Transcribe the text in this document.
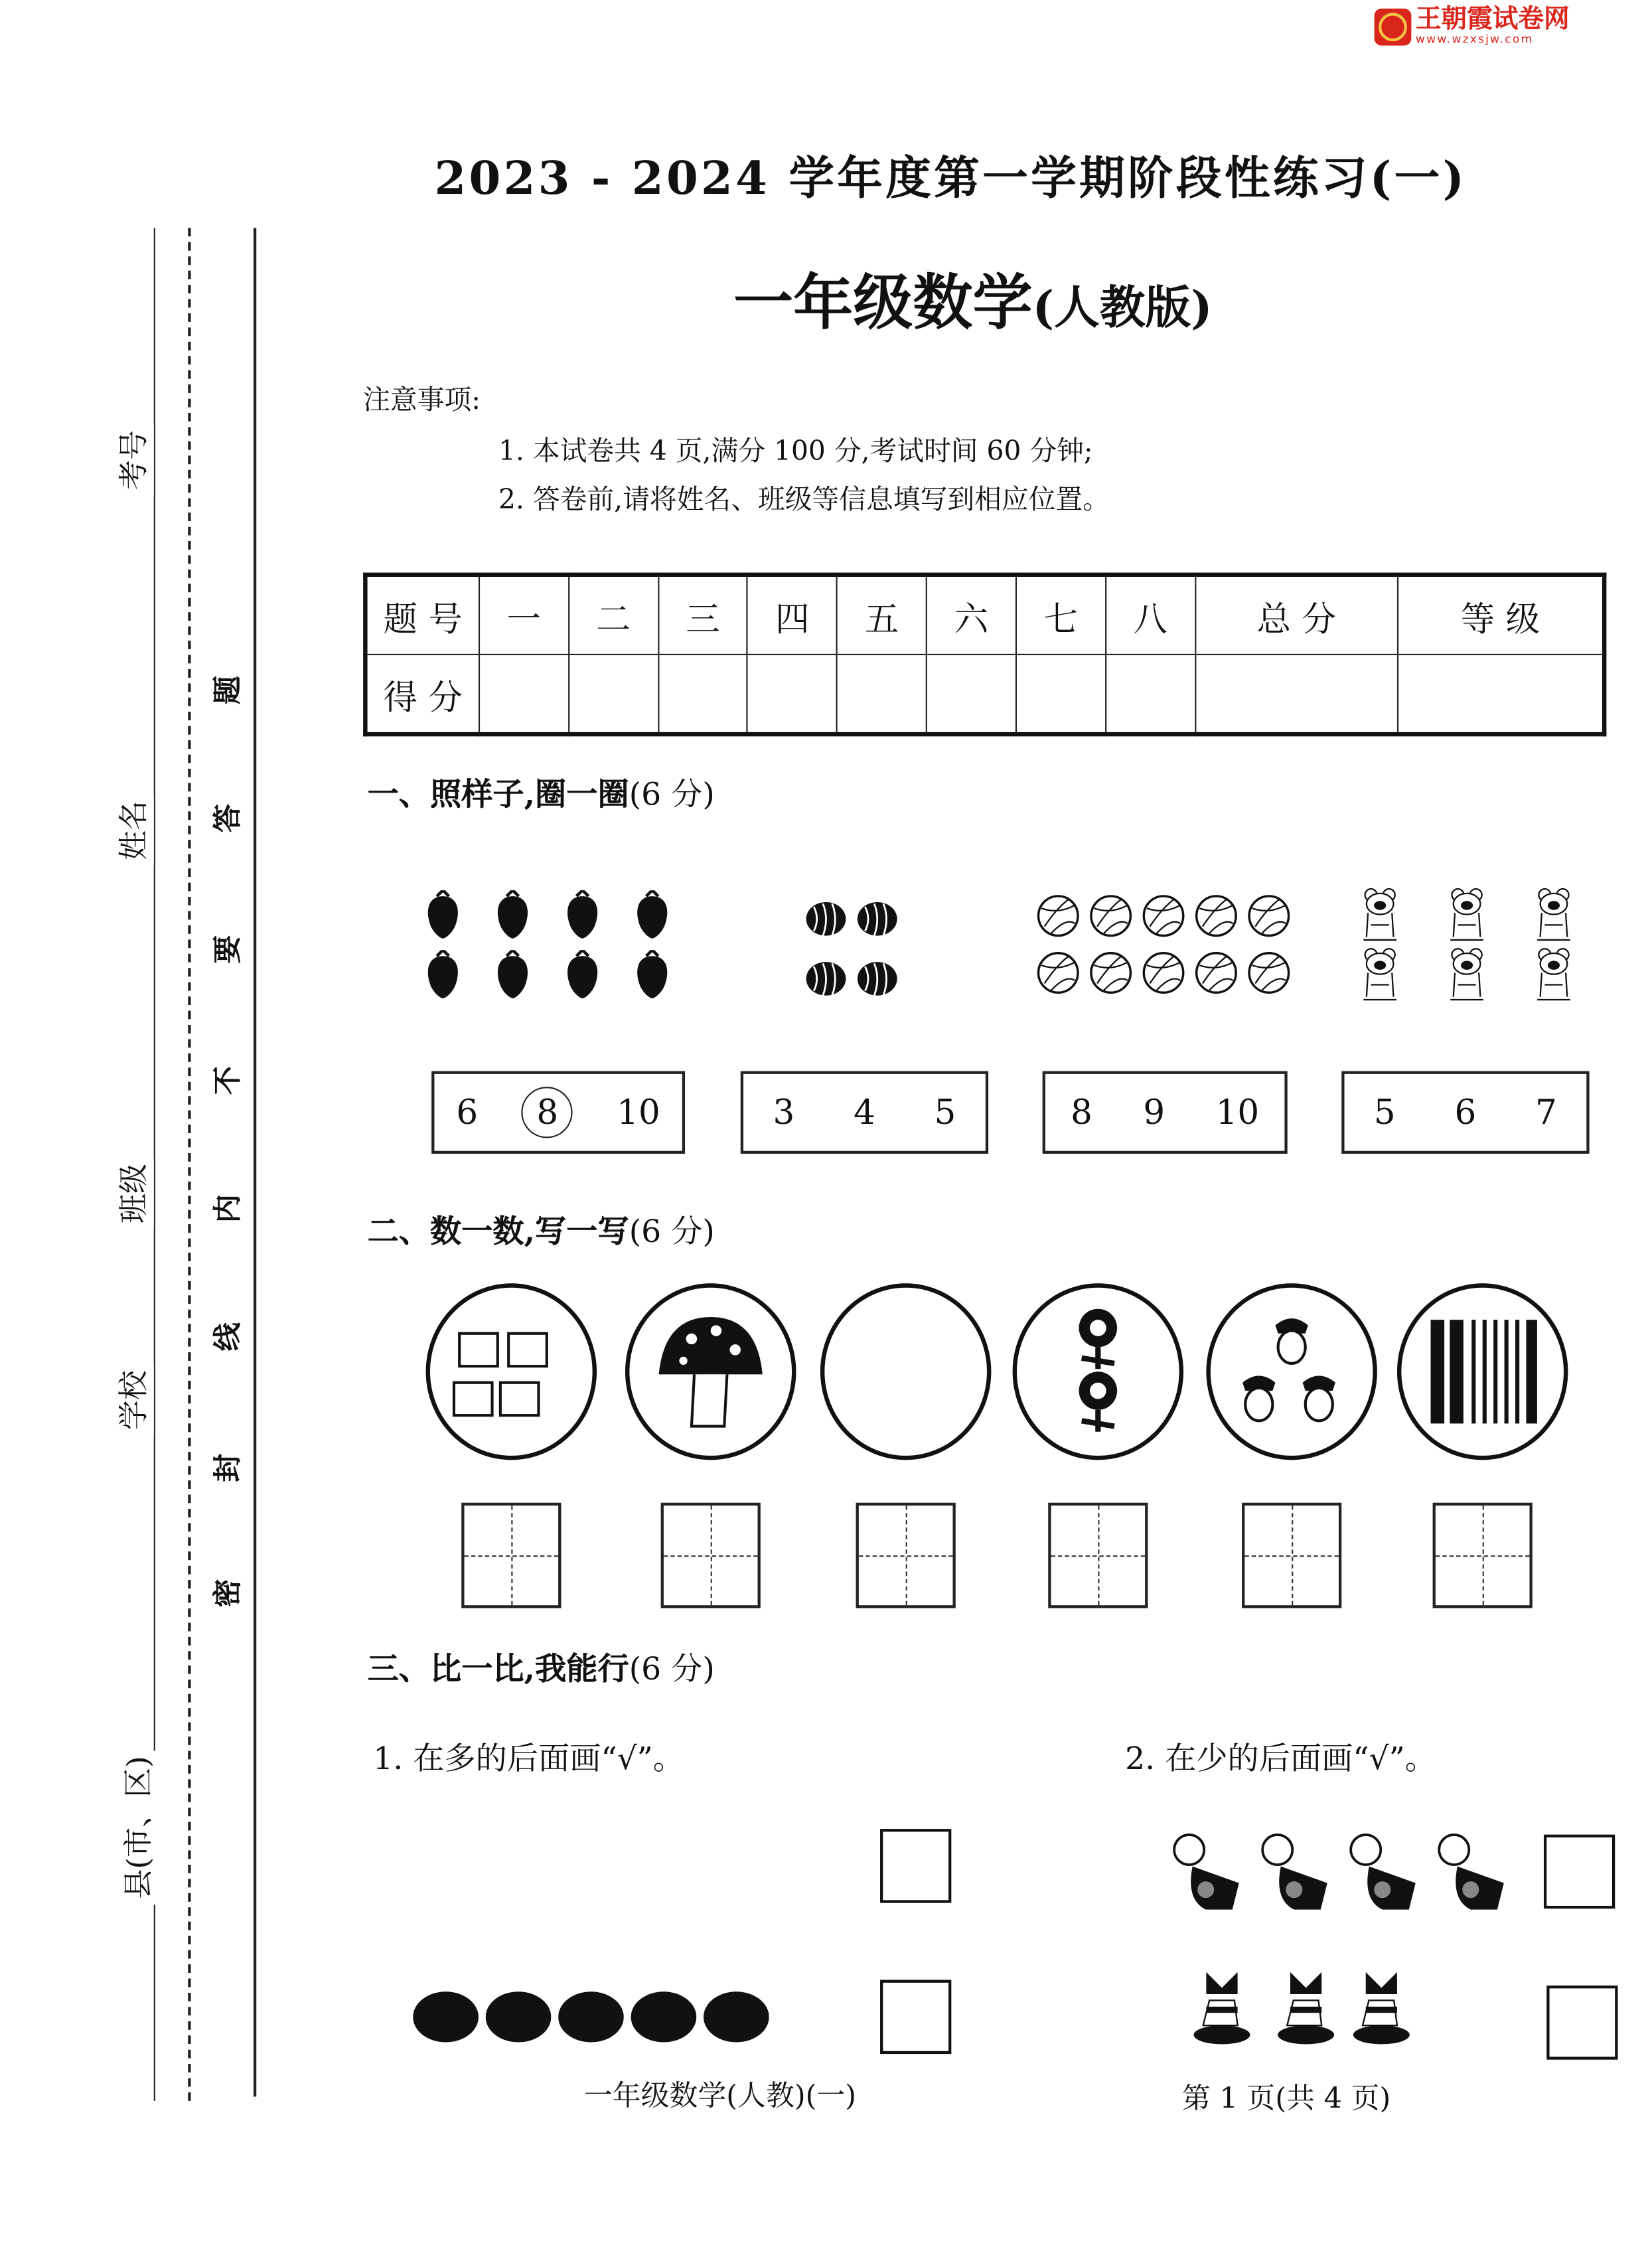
王朝霞试卷网
www.wzxsjw.com
考号
姓名
班级
学校
县(市、区)
题
答
要
不
内
线
封
密
2023 - 2024 学年度第一学期阶段性练习(一)
一年级数学(人教版)
注意事项:
1. 本试卷共 4 页,满分 100 分,考试时间 60 分钟;
2. 答卷前,请将姓名、班级等信息填写到相应位置。
题 号	一	二	三	四	五	六	七	八	总 分	等 级
得 分										
一、照样子,圈一圈(6 分)
6	8	10	3	4	5	8	9	10	5	6	7
二、数一数,写一写(6 分)
三、比一比,我能行(6 分)
1. 在多的后面画“√”。	2. 在少的后面画“√”。
一年级数学(人教)(一)	第 1 页(共 4 页)
